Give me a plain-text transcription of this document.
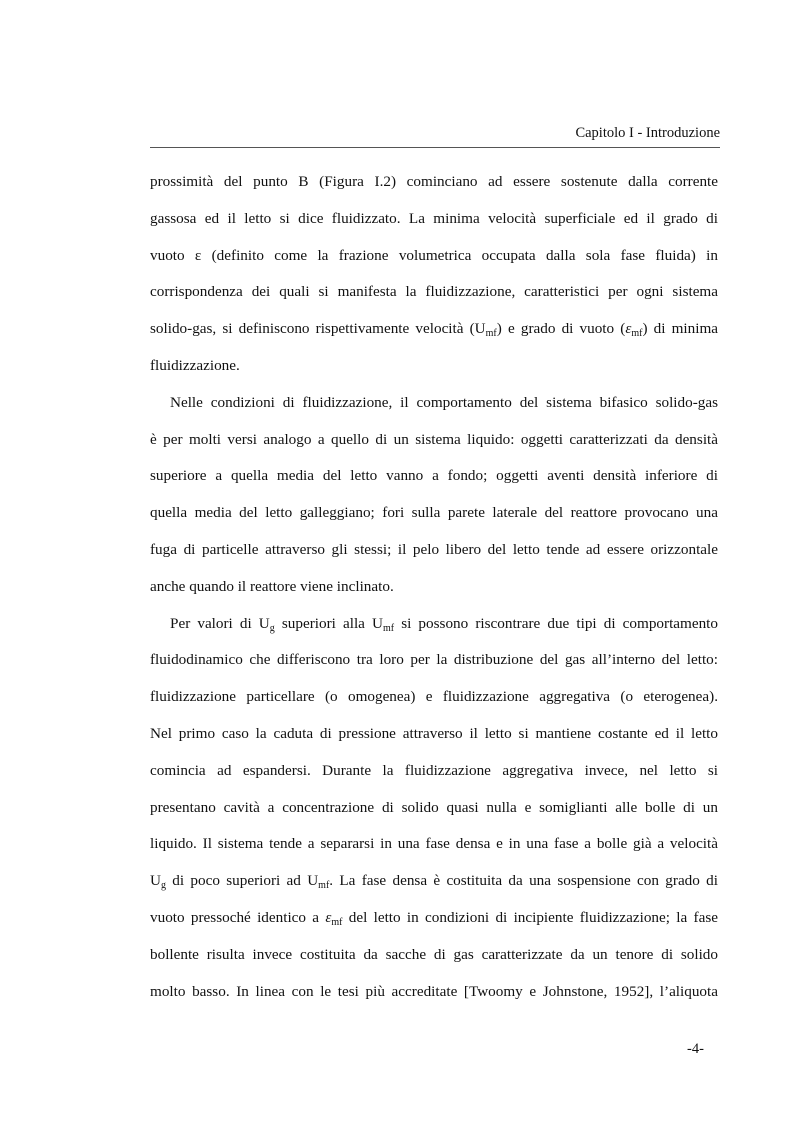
Capitolo I - Introduzione
prossimità del punto B (Figura I.2) cominciano ad essere sostenute dalla corrente
gassosa ed il letto si dice fluidizzato. La minima velocità superficiale ed il grado di
vuoto ε (definito come la frazione volumetrica occupata dalla sola fase fluida) in
corrispondenza dei quali si manifesta la fluidizzazione, caratteristici per ogni sistema
solido-gas, si definiscono rispettivamente velocità (Umf) e grado di vuoto (εmf) di minima
fluidizzazione.
Nelle condizioni di fluidizzazione, il comportamento del sistema bifasico solido-gas
è per molti versi analogo a quello di un sistema liquido: oggetti caratterizzati da densità
superiore a quella media del letto vanno a fondo; oggetti aventi densità inferiore di
quella media del letto galleggiano; fori sulla parete laterale del reattore provocano una
fuga di particelle attraverso gli stessi; il pelo libero del letto tende ad essere orizzontale
anche quando il reattore viene inclinato.
Per valori di Ug superiori alla Umf si possono riscontrare due tipi di comportamento
fluidodinamico che differiscono tra loro per la distribuzione del gas all’interno del letto:
fluidizzazione particellare (o omogenea) e fluidizzazione aggregativa (o eterogenea).
Nel primo caso la caduta di pressione attraverso il letto si mantiene costante ed il letto
comincia ad espandersi. Durante la fluidizzazione aggregativa invece, nel letto si
presentano cavità a concentrazione di solido quasi nulla e somiglianti alle bolle di un
liquido. Il sistema tende a separarsi in una fase densa e in una fase a bolle già a velocità
Ug di poco superiori ad Umf. La fase densa è costituita da una sospensione con grado di
vuoto pressoché identico a εmf del letto in condizioni di incipiente fluidizzazione; la fase
bollente risulta invece costituita da sacche di gas caratterizzate da un tenore di solido
molto basso. In linea con le tesi più accreditate [Twoomy e Johnstone, 1952], l’aliquota
-4-
